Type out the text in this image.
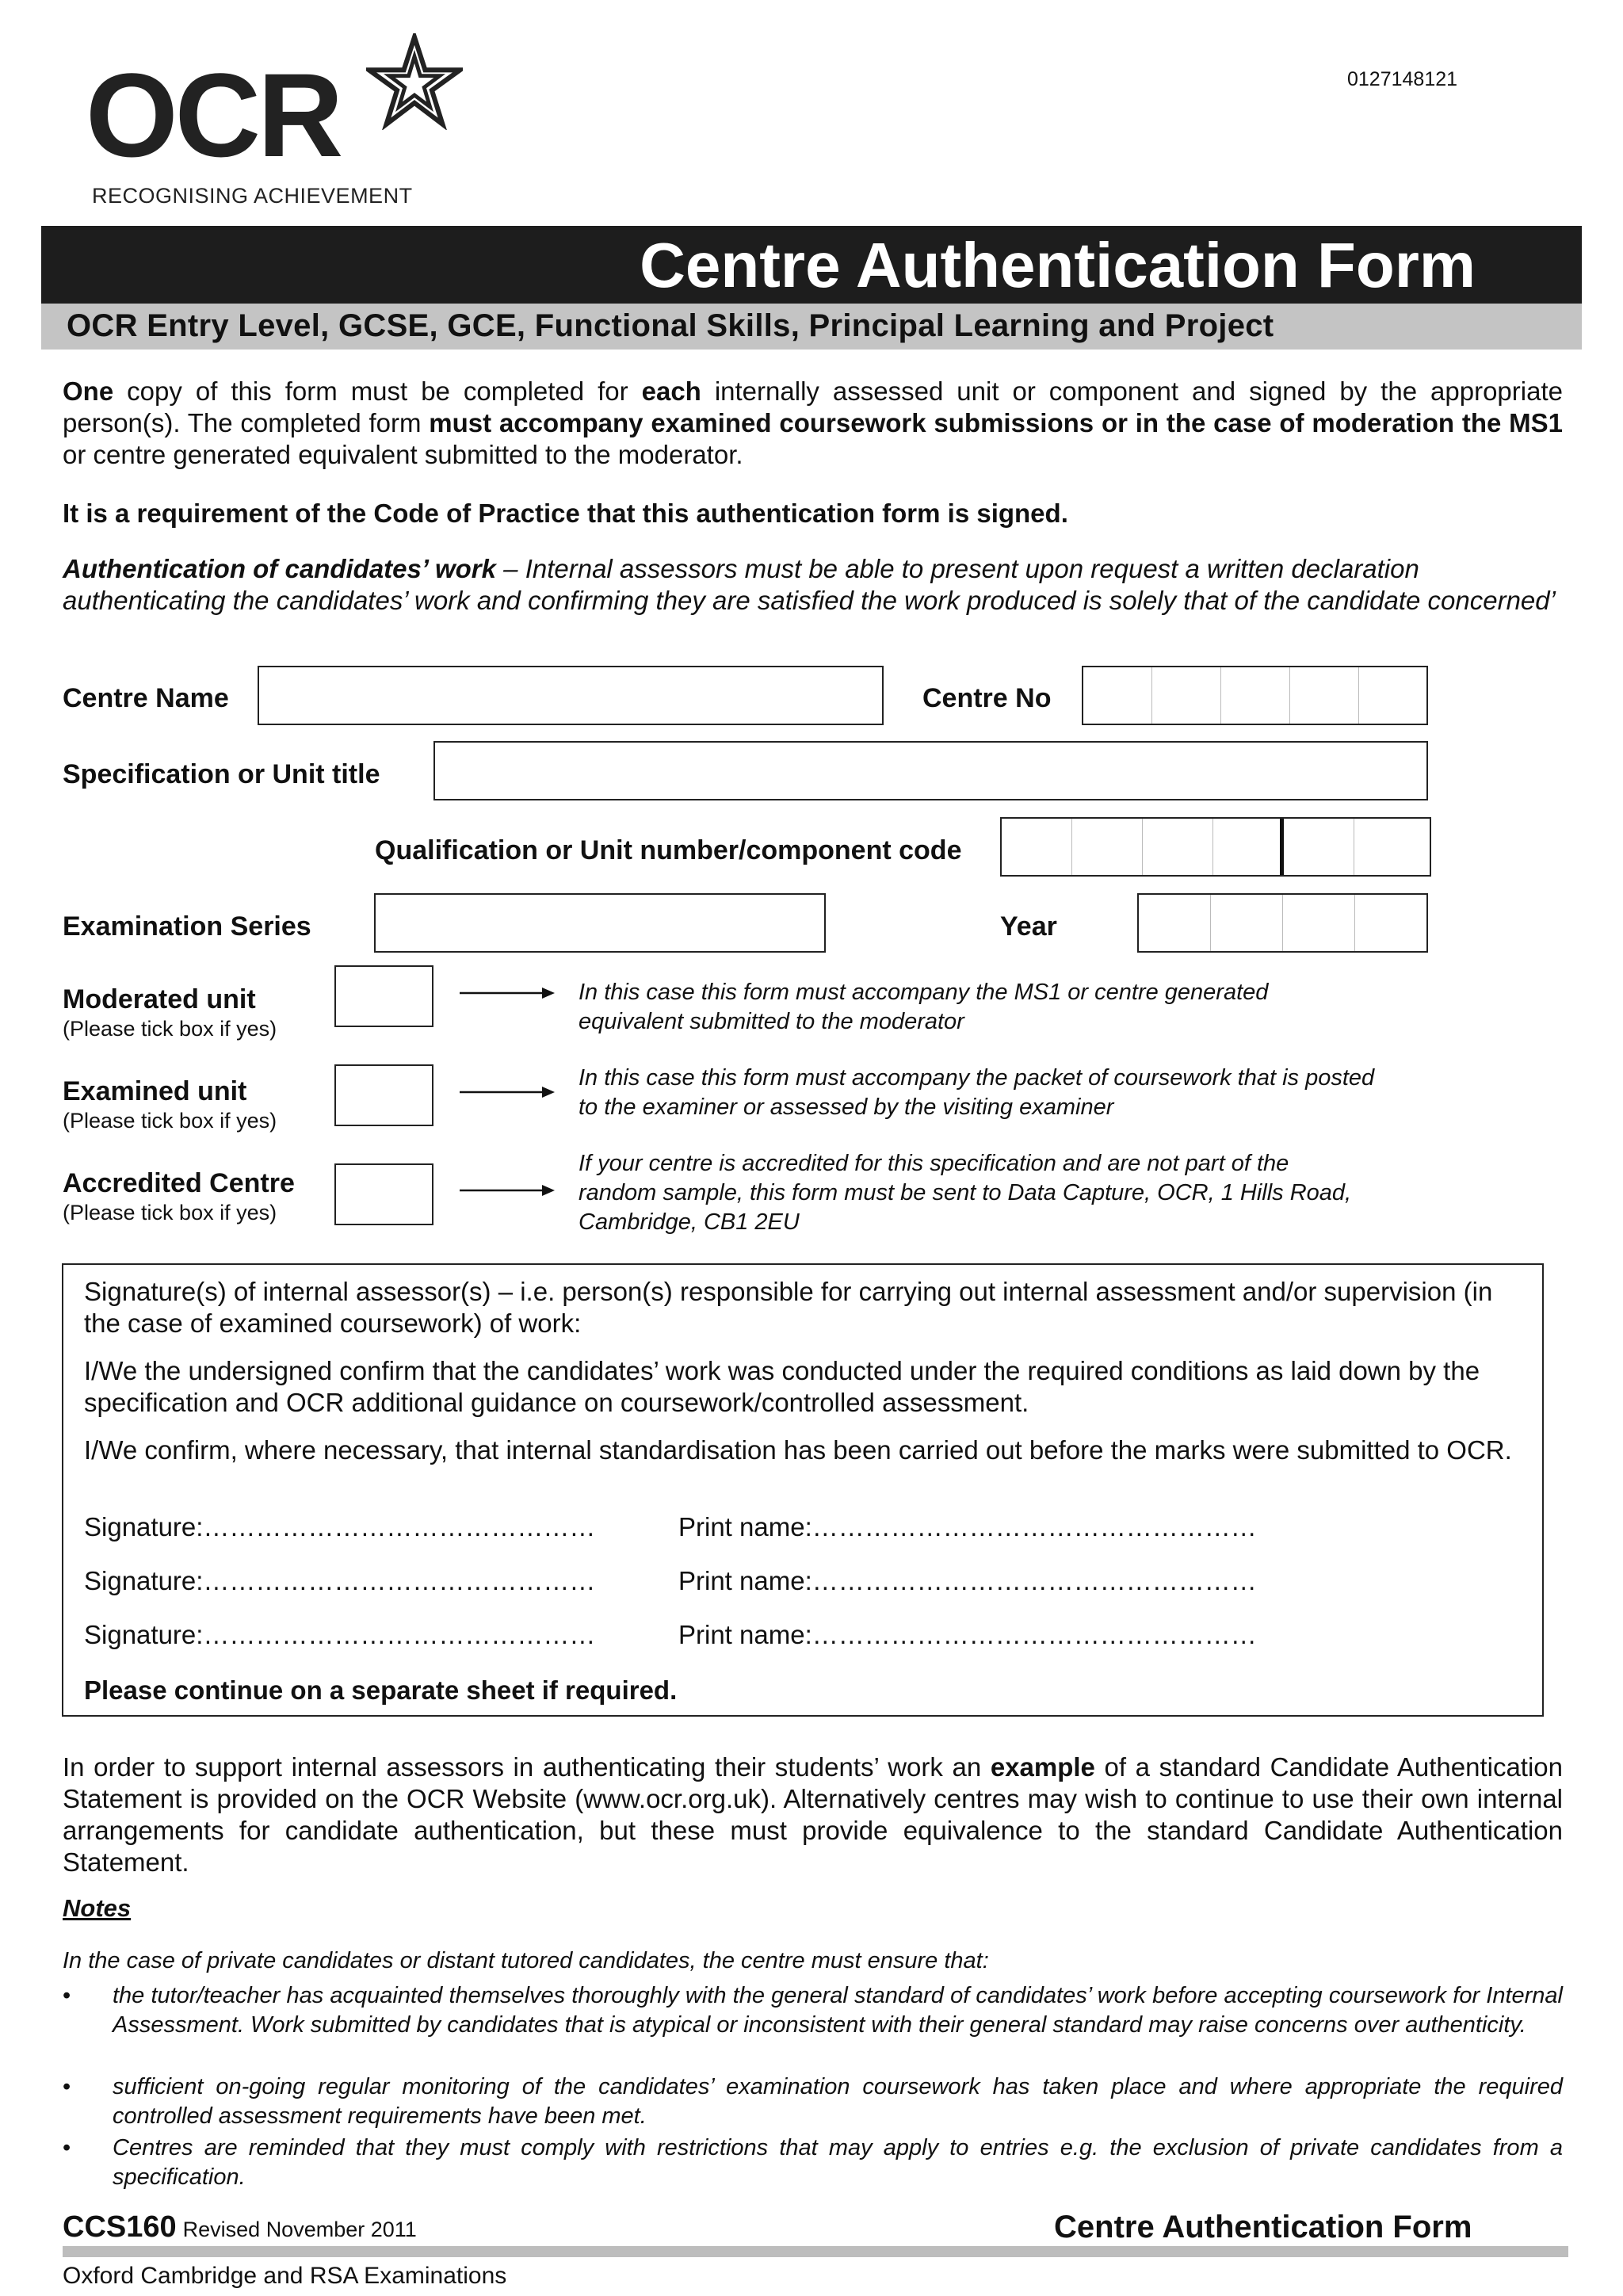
0127148121
OCR
RECOGNISING ACHIEVEMENT
Centre Authentication Form
OCR Entry Level, GCSE, GCE, Functional Skills, Principal Learning and Project

One copy of this form must be completed for each internally assessed unit or component and signed by the appropriate person(s). The completed form must accompany examined coursework submissions or in the case of moderation the MS1 or centre generated equivalent submitted to the moderator.

It is a requirement of the Code of Practice that this authentication form is signed.

Authentication of candidates’ work – Internal assessors must be able to present upon request a written declaration authenticating the candidates’ work and confirming they are satisfied the work produced is solely that of the candidate concerned’

Centre Name	Centre No
Specification or Unit title
Qualification or Unit number/component code
Examination Series	Year
Moderated unit
(Please tick box if yes)
In this case this form must accompany the MS1 or centre generated equivalent submitted to the moderator
Examined unit
(Please tick box if yes)
In this case this form must accompany the packet of coursework that is posted to the examiner or assessed by the visiting examiner
Accredited Centre
(Please tick box if yes)
If your centre is accredited for this specification and are not part of the random sample, this form must be sent to Data Capture, OCR, 1 Hills Road, Cambridge, CB1 2EU

Signature(s) of internal assessor(s) – i.e. person(s) responsible for carrying out internal assessment and/or supervision (in the case of examined coursework) of work:

I/We the undersigned confirm that the candidates’ work was conducted under the required conditions as laid down by the specification and OCR additional guidance on coursework/controlled assessment.

I/We confirm, where necessary, that internal standardisation has been carried out before the marks were submitted to OCR.

Signature:………………………………………	Print name:……………………………………………
Signature:………………………………………	Print name:……………………………………………
Signature:………………………………………	Print name:……………………………………………
Please continue on a separate sheet if required.

In order to support internal assessors in authenticating their students’ work an example of a standard Candidate Authentication Statement is provided on the OCR Website (www.ocr.org.uk). Alternatively centres may wish to continue to use their own internal arrangements for candidate authentication, but these must provide equivalence to the standard Candidate Authentication Statement.

Notes
In the case of private candidates or distant tutored candidates, the centre must ensure that:
• the tutor/teacher has acquainted themselves thoroughly with the general standard of candidates’ work before accepting coursework for Internal Assessment. Work submitted by candidates that is atypical or inconsistent with their general standard may raise concerns over authenticity.
• sufficient on-going regular monitoring of the candidates’ examination coursework has taken place and where appropriate the required controlled assessment requirements have been met.
• Centres are reminded that they must comply with restrictions that may apply to entries e.g. the exclusion of private candidates from a specification.
CCS160 Revised November 2011	Centre Authentication Form
Oxford Cambridge and RSA Examinations
